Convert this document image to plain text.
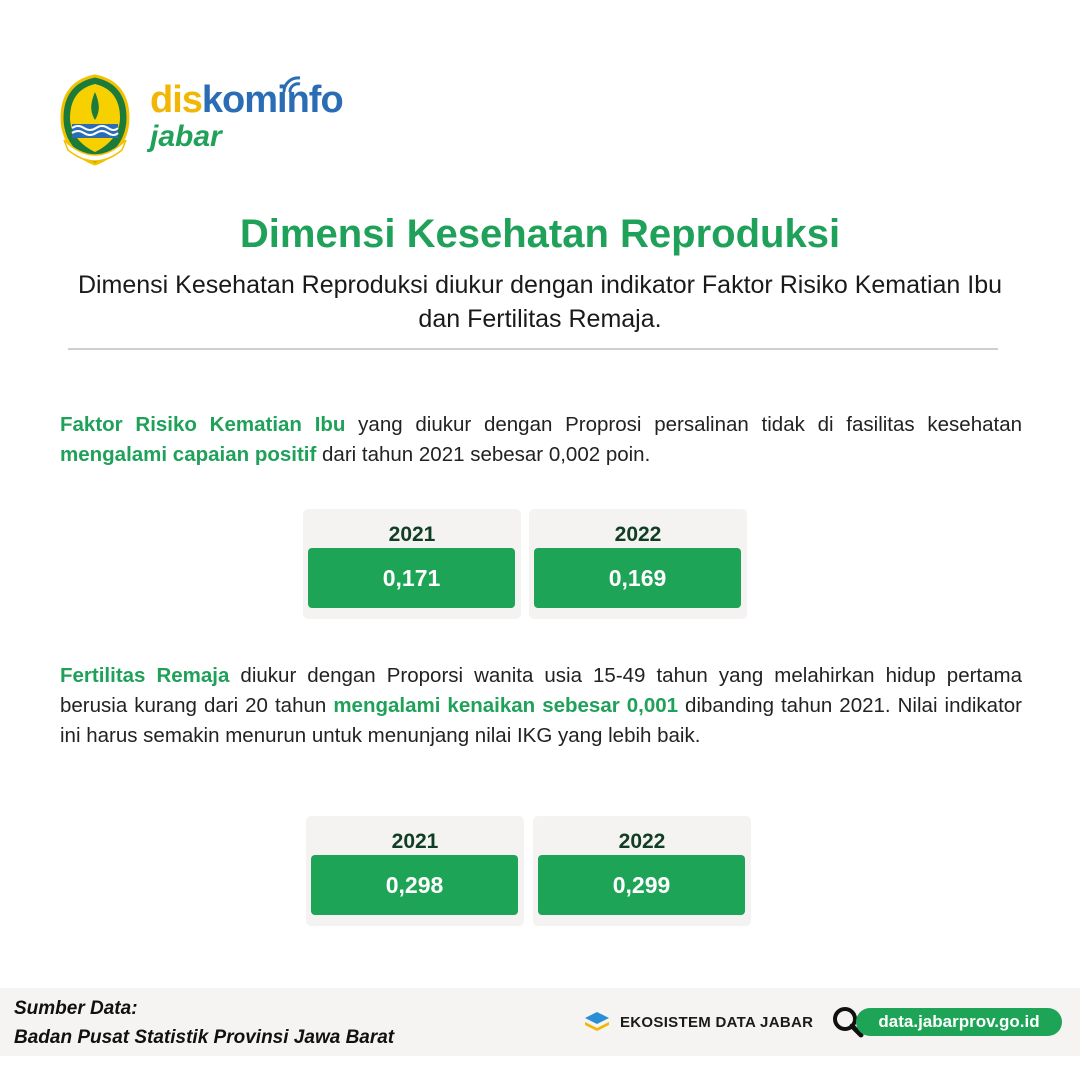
diskominfo
jabar
Dimensi Kesehatan Reproduksi
Dimensi Kesehatan Reproduksi diukur dengan indikator Faktor Risiko Kematian Ibu dan Fertilitas Remaja.
Faktor Risiko Kematian Ibu yang diukur dengan Proprosi persalinan tidak di fasilitas kesehatan mengalami capaian positif dari tahun 2021 sebesar 0,002 poin.
2021
0,171
2022
0,169
Fertilitas Remaja diukur dengan Proporsi wanita usia 15-49 tahun yang melahirkan hidup pertama berusia kurang dari 20 tahun mengalami kenaikan sebesar 0,001 dibanding tahun 2021. Nilai indikator ini harus semakin menurun untuk menunjang nilai IKG yang lebih baik.
2021
0,298
2022
0,299
Sumber Data:
Badan Pusat Statistik Provinsi Jawa Barat
EKOSISTEM DATA JABAR	data.jabarprov.go.id
